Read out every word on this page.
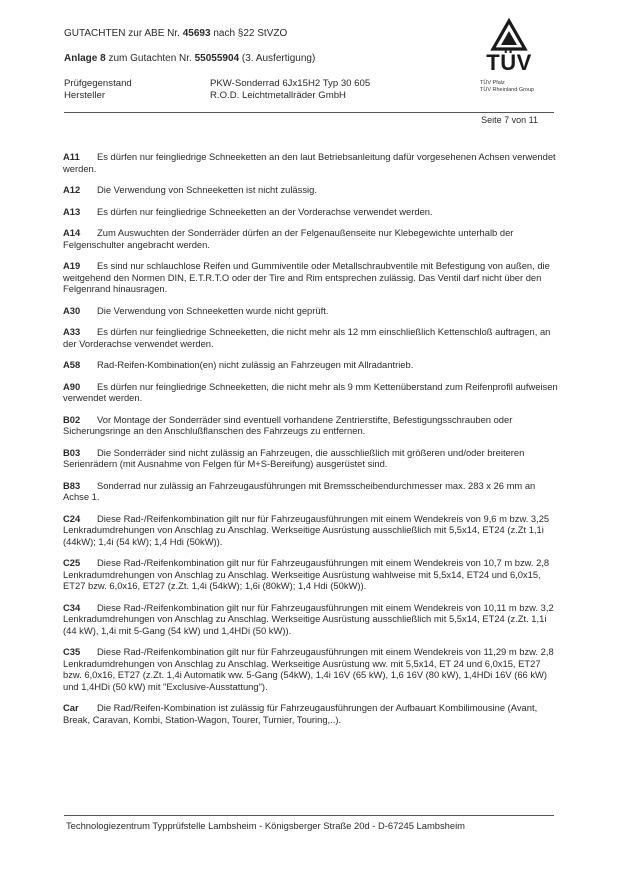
GUTACHTEN zur ABE Nr. 45693 nach §22 StVZO
Anlage 8 zum Gutachten Nr. 55055904 (3. Ausfertigung)
Prüfgegenstand
Hersteller
PKW-Sonderrad 6Jx15H2 Typ 30 605
R.O.D. Leichtmetallräder GmbH
TÜV
TÜV Pfalz
TÜV Rheinland Group
Seite 7 von 11

A11 Es dürfen nur feingliedrige Schneeketten an den laut Betriebsanleitung dafür vorgesehenen Achsen verwendet werden.

A12 Die Verwendung von Schneeketten ist nicht zulässig.

A13 Es dürfen nur feingliedrige Schneeketten an der Vorderachse verwendet werden.

A14 Zum Auswuchten der Sonderräder dürfen an der Felgenaußenseite nur Klebegewichte unterhalb der Felgenschulter angebracht werden.

A19 Es sind nur schlauchlose Reifen und Gummiventile oder Metallschraubventile mit Befestigung von außen, die weitgehend den Normen DIN, E.T.R.T.O oder der Tire and Rim entsprechen zulässig. Das Ventil darf nicht über den Felgenrand hinausragen.

A30 Die Verwendung von Schneeketten wurde nicht geprüft.

A33 Es dürfen nur feingliedrige Schneeketten, die nicht mehr als 12 mm einschließlich Kettenschloß auftragen, an der Vorderachse verwendet werden.

A58 Rad-Reifen-Kombination(en) nicht zulässig an Fahrzeugen mit Allradantrieb.

A90 Es dürfen nur feingliedrige Schneeketten, die nicht mehr als 9 mm Kettenüberstand zum Reifenprofil aufweisen verwendet werden.

B02 Vor Montage der Sonderräder sind eventuell vorhandene Zentrierstifte, Befestigungsschrauben oder Sicherungsringe an den Anschlußflanschen des Fahrzeugs zu entfernen.

B03 Die Sonderräder sind nicht zulässig an Fahrzeugen, die ausschließlich mit größeren und/oder breiteren Serienrädern (mit Ausnahme von Felgen für M+S-Bereifung) ausgerüstet sind.

B83 Sonderrad nur zulässig an Fahrzeugausführungen mit Bremsscheibendurchmesser max. 283 x 26 mm an Achse 1.

C24 Diese Rad-/Reifenkombination gilt nur für Fahrzeugausführungen mit einem Wendekreis von 9,6 m bzw. 3,25 Lenkradumdrehungen von Anschlag zu Anschlag. Werkseitige Ausrüstung ausschließlich mit 5,5x14, ET24 (z.Zt 1,1i (44kW); 1,4i (54 kW); 1,4 Hdi (50kW)).

C25 Diese Rad-/Reifenkombination gilt nur für Fahrzeugausführungen mit einem Wendekreis von 10,7 m bzw. 2,8 Lenkradumdrehungen von Anschlag zu Anschlag. Werkseitige Ausrüstung wahlweise mit 5,5x14, ET24 und 6,0x15, ET27 bzw. 6,0x16, ET27 (z.Zt. 1,4i (54kW); 1,6i (80kW); 1,4 Hdi (50kW)).

C34 Diese Rad-/Reifenkombination gilt nur für Fahrzeugausführungen mit einem Wendekreis von 10,11 m bzw. 3,2 Lenkradumdrehungen von Anschlag zu Anschlag. Werkseitige Ausrüstung ausschließlich mit 5,5x14, ET24 (z.Zt. 1,1i (44 kW), 1,4i mit 5-Gang (54 kW) und 1,4HDi (50 kW)).

C35 Diese Rad-/Reifenkombination gilt nur für Fahrzeugausführungen mit einem Wendekreis von 11,29 m bzw. 2,8 Lenkradumdrehungen von Anschlag zu Anschlag. Werkseitige Ausrüstung ww. mit 5,5x14, ET 24 und 6,0x15, ET27 bzw. 6,0x16, ET27 (z.Zt. 1,4i Automatik ww. 5-Gang (54kW), 1,4i 16V (65 kW), 1,6 16V (80 kW), 1,4HDi 16V (66 kW) und 1,4HDi (50 kW) mit "Exclusive-Ausstattung").

Car Die Rad/Reifen-Kombination ist zulässig für Fahrzeugausführungen der Aufbauart Kombilimousine (Avant, Break, Caravan, Kombi, Station-Wagon, Tourer, Turnier, Touring,..).

Technologiezentrum Typprüfstelle Lambsheim - Königsberger Straße 20d - D-67245 Lambsheim
